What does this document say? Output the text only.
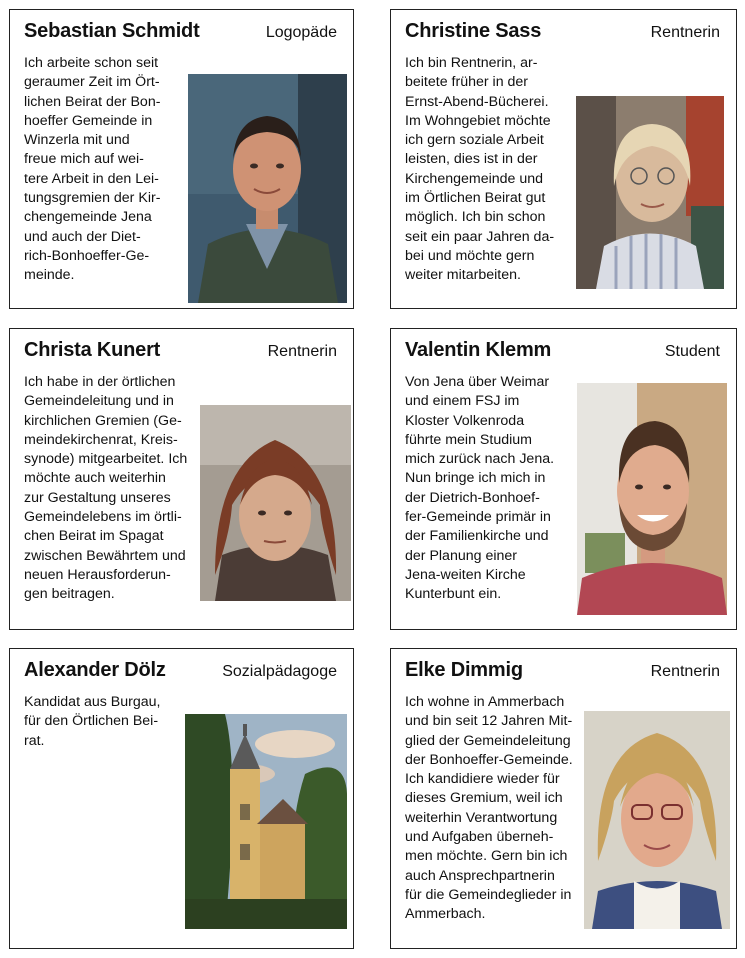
Sebastian Schmidt	Logopäde
Ich arbeite schon seit
geraumer Zeit im Ört-
lichen Beirat der Bon-
hoeffer Gemeinde in
Winzerla mit und
freue mich auf wei-
tere Arbeit in den Lei-
tungsgremien der Kir-
chengemeinde Jena
und auch der Diet-
rich-Bonhoeffer-Ge-
meinde.
Christine Sass	Rentnerin
Ich bin Rentnerin, ar-
beitete früher in der
Ernst-Abend-Bücherei.
Im Wohngebiet möchte
ich gern soziale Arbeit
leisten, dies ist in der
Kirchengemeinde und
im Örtlichen Beirat gut
möglich. Ich bin schon
seit ein paar Jahren da-
bei und möchte gern
weiter mitarbeiten.
Christa Kunert	Rentnerin
Ich habe in der örtlichen
Gemeindeleitung und in
kirchlichen Gremien (Ge-
meindekirchenrat, Kreis-
synode) mitgearbeitet. Ich
möchte auch weiterhin
zur Gestaltung unseres
Gemeindelebens im örtli-
chen Beirat im Spagat
zwischen Bewährtem und
neuen Herausforderun-
gen beitragen.
Valentin Klemm	Student
Von Jena über Weimar
und einem FSJ im
Kloster Volkenroda
führte mein Studium
mich zurück nach Jena.
Nun bringe ich mich in
der Dietrich-Bonhoef-
fer-Gemeinde primär in
der Familienkirche und
der Planung einer
Jena-weiten Kirche
Kunterbunt ein.
Alexander Dölz	Sozialpädagoge
Kandidat aus Burgau,
für den Örtlichen Bei-
rat.
Elke Dimmig	Rentnerin
Ich wohne in Ammerbach
und bin seit 12 Jahren Mit-
glied der Gemeindeleitung
der Bonhoeffer-Gemeinde.
Ich kandidiere wieder für
dieses Gremium, weil ich
weiterhin Verantwortung
und Aufgaben überneh-
men möchte. Gern bin ich
auch Ansprechpartnerin
für die Gemeindeglieder in
Ammerbach.
